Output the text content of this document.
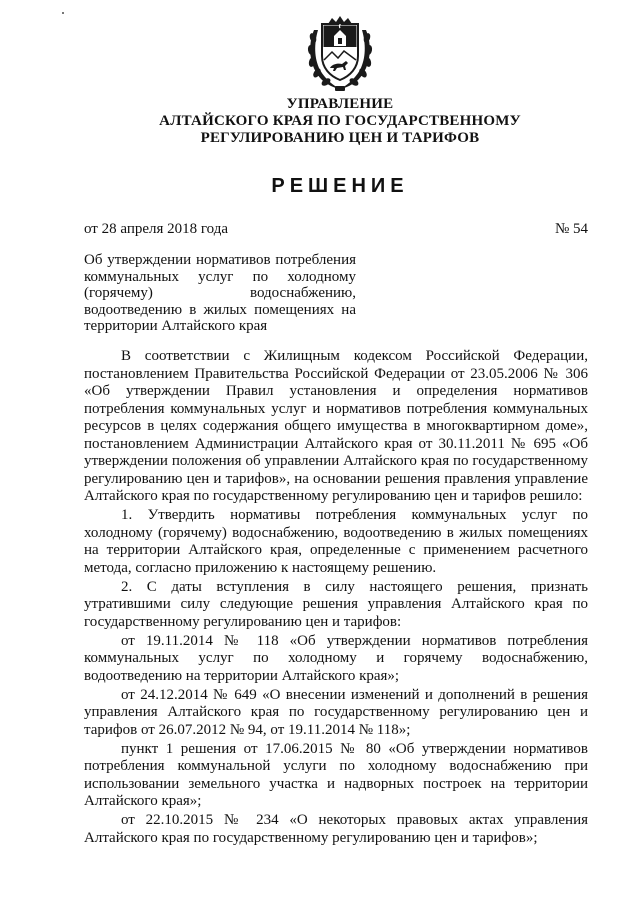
УПРАВЛЕНИЕ
АЛТАЙСКОГО КРАЯ ПО ГОСУДАРСТВЕННОМУ
РЕГУЛИРОВАНИЮ ЦЕН И ТАРИФОВ
РЕШЕНИЕ
от 28 апреля 2018 года	№ 54
Об утверждении нормативов потребления коммунальных услуг по холодному (горячему) водоснабжению, водоотведению в жилых помещениях на территории Алтайского края

В соответствии с Жилищным кодексом Российской Федерации, постановлением Правительства Российской Федерации от 23.05.2006 № 306 «Об утверждении Правил установления и определения нормативов потребления коммунальных услуг и нормативов потребления коммунальных ресурсов в целях содержания общего имущества в многоквартирном доме», постановлением Администрации Алтайского края от 30.11.2011 № 695 «Об утверждении положения об управлении Алтайского края по государственному регулированию цен и тарифов», на основании решения правления управление Алтайского края по государственному регулированию цен и тарифов решило:

1. Утвердить нормативы потребления коммунальных услуг по холодному (горячему) водоснабжению, водоотведению в жилых помещениях на территории Алтайского края, определенные с применением расчетного метода, согласно приложению к настоящему решению.

2. С даты вступления в силу настоящего решения, признать утратившими силу следующие решения управления Алтайского края по государственному регулированию цен и тарифов:

от 19.11.2014 № 118 «Об утверждении нормативов потребления коммунальных услуг по холодному и горячему водоснабжению, водоотведению на территории Алтайского края»;

от 24.12.2014 № 649 «О внесении изменений и дополнений в решения управления Алтайского края по государственному регулированию цен и тарифов от 26.07.2012 № 94, от 19.11.2014 № 118»;

пункт 1 решения от 17.06.2015 № 80 «Об утверждении нормативов потребления коммунальной услуги по холодному водоснабжению при использовании земельного участка и надворных построек на территории Алтайского края»;

от 22.10.2015 № 234 «О некоторых правовых актах управления Алтайского края по государственному регулированию цен и тарифов»;
